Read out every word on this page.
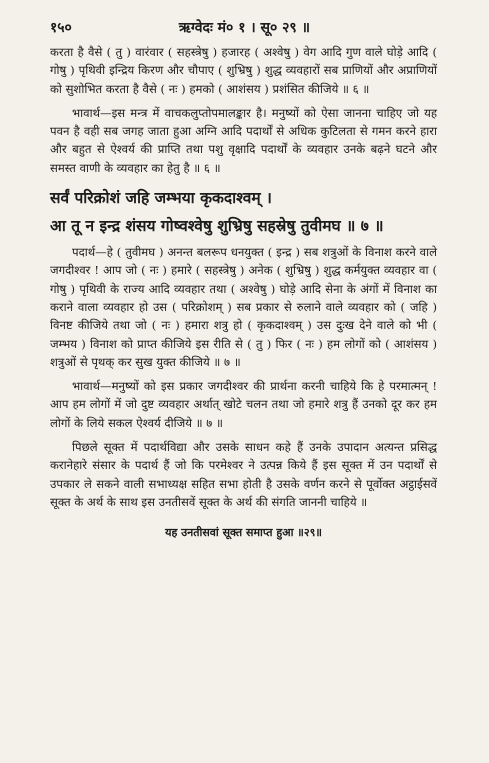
१५०	ऋग्वेदः मं० १ । सू० २९ ॥

करता है वैसे ( तु ) वारंवार ( सहस्त्रेषु ) हजारह ( अश्वेषु ) वेग आदि गुण वाले घोड़े आदि ( गोषु ) पृथिवी इन्द्रिय किरण और चौपाए ( शुभ्रिषु ) शुद्ध व्यवहारों सब प्राणियों और अप्राणियों को सुशोभित करता है वैसे ( नः ) हमको ( आशंसय ) प्रशंसित कीजिये ॥ ६ ॥

भावार्थ—इस मन्त्र में वाचकलुप्तोपमालङ्कार है। मनुष्यों को ऐसा जानना चाहिए जो यह पवन है वही सब जगह जाता हुआ अग्नि आदि पदार्थों से अधिक कुटिलता से गमन करने हारा और बहुत से ऐश्वर्य की प्राप्ति तथा पशु वृक्षादि पदार्थों के व्यवहार उनके बढ़ने घटने और समस्त वाणी के व्यवहार का हेतु है ॥ ६ ॥

सर्वं परिक्रोशं जहि जम्भया कृकदाश्वम् ।
आ तू न इन्द्र शंसय गोष्वश्वेषु शुभ्रिषु सहस्रेषु तुवीमघ ॥ ७ ॥

पदार्थ—हे ( तुवीमघ ) अनन्त बलरूप धनयुक्त ( इन्द्र ) सब शत्रुओं के विनाश करने वाले जगदीश्वर ! आप जो ( नः ) हमारे ( सहस्त्रेषु ) अनेक ( शुभ्रिषु ) शुद्ध कर्मयुक्त व्यवहार वा ( गोषु ) पृथिवी के राज्य आदि व्यवहार तथा ( अश्वेषु ) घोड़े आदि सेना के अंगों में विनाश का कराने वाला व्यवहार हो उस ( परिक्रोशम् ) सब प्रकार से रुलाने वाले व्यवहार को ( जहि ) विनष्ट कीजिये तथा जो ( नः ) हमारा शत्रु हो ( कृकदाश्वम् ) उस दुःख देने वाले को भी ( जम्भय ) विनाश को प्राप्त कीजिये इस रीति से ( तु ) फिर ( नः ) हम लोगों को ( आशंसय ) शत्रुओं से पृथक् कर सुख युक्त कीजिये ॥ ७ ॥

भावार्थ—मनुष्यों को इस प्रकार जगदीश्वर की प्रार्थना करनी चाहिये कि हे परमात्मन् ! आप हम लोगों में जो दुष्ट व्यवहार अर्थात् खोटे चलन तथा जो हमारे शत्रु हैं उनको दूर कर हम लोगों के लिये सकल ऐश्वर्य दीजिये ॥ ७ ॥

पिछले सूक्त में पदार्थविद्या और उसके साधन कहे हैं उनके उपादान अत्यन्त प्रसिद्ध करानेहारे संसार के पदार्थ हैं जो कि परमेश्वर ने उत्पन्न किये हैं इस सूक्त में उन पदार्थों से उपकार ले सकने वाली सभाध्यक्ष सहित सभा होती है उसके वर्णन करने से पूर्वोक्त अट्ठाईसवें सूक्त के अर्थ के साथ इस उनतीसवें सूक्त के अर्थ की संगति जाननी चाहिये ॥

यह उनतीसवां सूक्त समाप्त हुआ ॥२९॥
